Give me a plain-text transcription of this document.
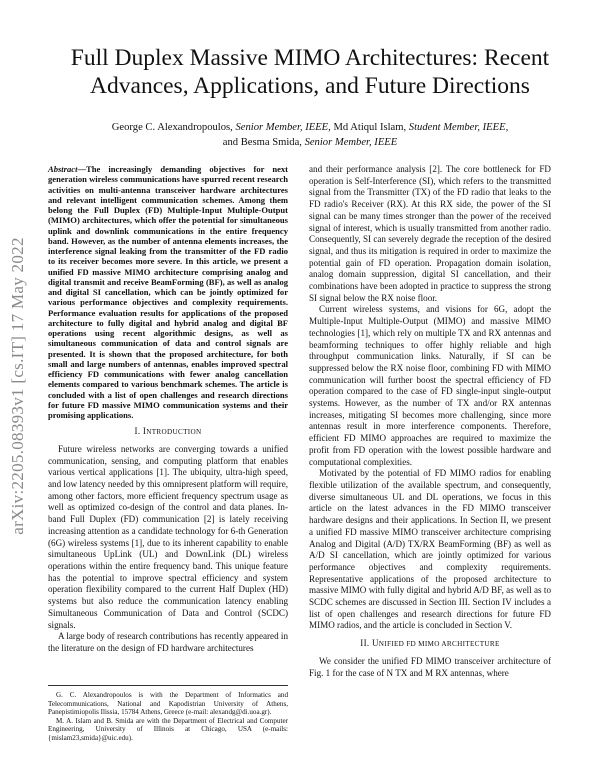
arXiv:2205.08393v1 [cs.IT] 17 May 2022
Full Duplex Massive MIMO Architectures: Recent Advances, Applications, and Future Directions
George C. Alexandropoulos, Senior Member, IEEE, Md Atiqul Islam, Student Member, IEEE,
and Besma Smida, Senior Member, IEEE

Abstract—The increasingly demanding objectives for next generation wireless communications have spurred recent research activities on multi-antenna transceiver hardware architectures and relevant intelligent communication schemes. Among them belong the Full Duplex (FD) Multiple-Input Multiple-Output (MIMO) architectures, which offer the potential for simultaneous uplink and downlink communications in the entire frequency band. However, as the number of antenna elements increases, the interference signal leaking from the transmitter of the FD radio to its receiver becomes more severe. In this article, we present a unified FD massive MIMO architecture comprising analog and digital transmit and receive BeamForming (BF), as well as analog and digital SI cancellation, which can be jointly optimized for various performance objectives and complexity requirements. Performance evaluation results for applications of the proposed architecture to fully digital and hybrid analog and digital BF operations using recent algorithmic designs, as well as simultaneous communication of data and control signals are presented. It is shown that the proposed architecture, for both small and large numbers of antennas, enables improved spectral efficiency FD communications with fewer analog cancellation elements compared to various benchmark schemes. The article is concluded with a list of open challenges and research directions for future FD massive MIMO communication systems and their promising applications.

I. INTRODUCTION

Future wireless networks are converging towards a unified communication, sensing, and computing platform that enables various vertical applications [1]. The ubiquity, ultra-high speed, and low latency needed by this omnipresent platform will require, among other factors, more efficient frequency spectrum usage as well as optimized co-design of the control and data planes. In-band Full Duplex (FD) communication [2] is lately receiving increasing attention as a candidate technology for 6-th Generation (6G) wireless systems [1], due to its inherent capability to enable simultaneous UpLink (UL) and DownLink (DL) wireless operations within the entire frequency band. This unique feature has the potential to improve spectral efficiency and system operation flexibility compared to the current Half Duplex (HD) systems but also reduce the communication latency enabling Simultaneous Communication of Data and Control (SCDC) signals.

A large body of research contributions has recently appeared in the literature on the design of FD hardware architectures

G. C. Alexandropoulos is with the Department of Informatics and Telecommunications, National and Kapodistrian University of Athens, Panepistimiopolis Ilissia, 15784 Athens, Greece (e-mail: alexandg@di.uoa.gr).

M. A. Islam and B. Smida are with the Department of Electrical and Computer Engineering, University of Illinois at Chicago, USA (e-mails: {mislam23,smida}@uic.edu).

and their performance analysis [2]. The core bottleneck for FD operation is Self-Interference (SI), which refers to the transmitted signal from the Transmitter (TX) of the FD radio that leaks to the FD radio's Receiver (RX). At this RX side, the power of the SI signal can be many times stronger than the power of the received signal of interest, which is usually transmitted from another radio. Consequently, SI can severely degrade the reception of the desired signal, and thus its mitigation is required in order to maximize the potential gain of FD operation. Propagation domain isolation, analog domain suppression, digital SI cancellation, and their combinations have been adopted in practice to suppress the strong SI signal below the RX noise floor.

Current wireless systems, and visions for 6G, adopt the Multiple-Input Multiple-Output (MIMO) and massive MIMO technologies [1], which rely on multiple TX and RX antennas and beamforming techniques to offer highly reliable and high throughput communication links. Naturally, if SI can be suppressed below the RX noise floor, combining FD with MIMO communication will further boost the spectral efficiency of FD operation compared to the case of FD single-input single-output systems. However, as the number of TX and/or RX antennas increases, mitigating SI becomes more challenging, since more antennas result in more interference components. Therefore, efficient FD MIMO approaches are required to maximize the profit from FD operation with the lowest possible hardware and computational complexities.

Motivated by the potential of FD MIMO radios for enabling flexible utilization of the available spectrum, and consequently, diverse simultaneous UL and DL operations, we focus in this article on the latest advances in the FD MIMO transceiver hardware designs and their applications. In Section II, we present a unified FD massive MIMO transceiver architecture comprising Analog and Digital (A/D) TX/RX BeamForming (BF) as well as A/D SI cancellation, which are jointly optimized for various performance objectives and complexity requirements. Representative applications of the proposed architecture to massive MIMO with fully digital and hybrid A/D BF, as well as to SCDC schemes are discussed in Section III. Section IV includes a list of open challenges and research directions for future FD MIMO radios, and the article is concluded in Section V.

II. UNIFIED FD MIMO ARCHITECTURE

We consider the unified FD MIMO transceiver architecture of Fig. 1 for the case of N TX and M RX antennas, where
